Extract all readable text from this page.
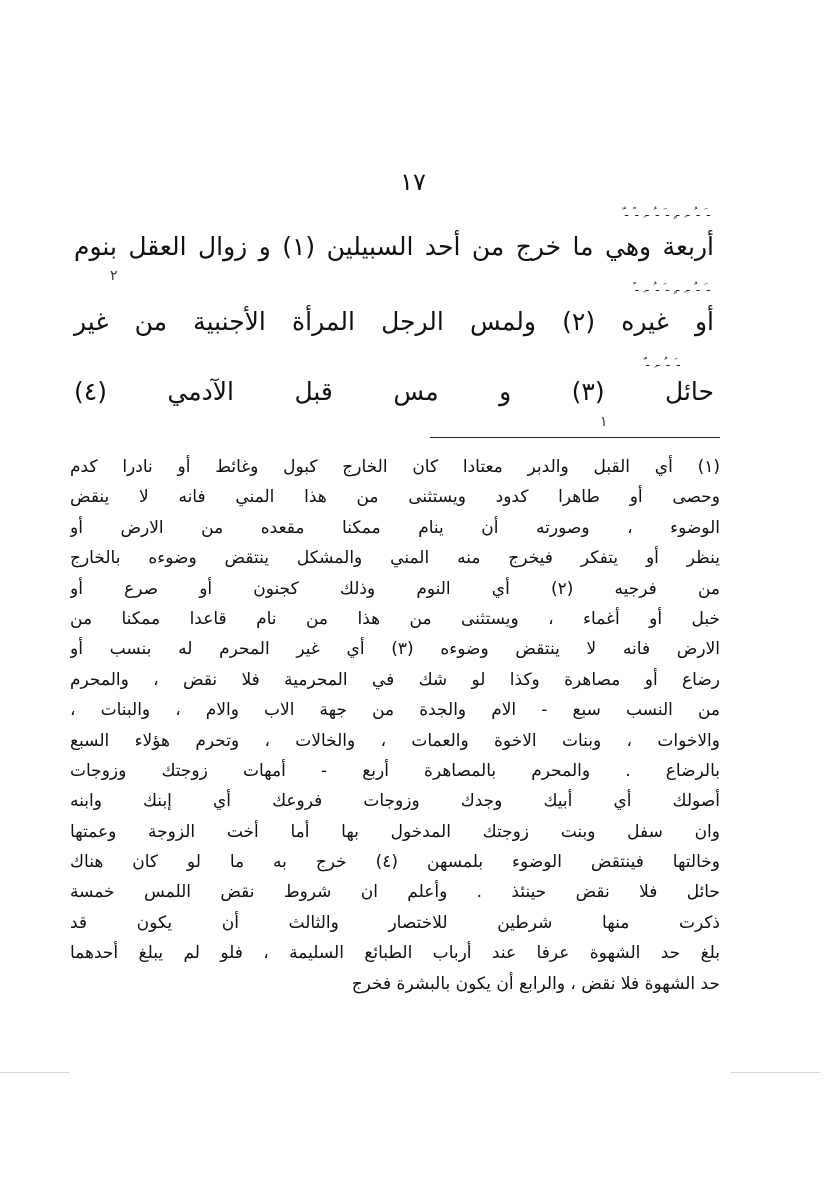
١٧
ـ َ ـ ُ ـ ِ ـ ٍ ـ َ ـ ُ ـ ِ ـ ً ـ ّ
ـ َ ـ ُ ـ ِ ـ ٍ ـ َ ـ ُ ـ ِ ـ ً
ـ َ ـ ُ ـ ِ ـ ّ
أربعة وهي ما خرج من أحد السبيلين (١) و زوال العقل بنوم
أو غيره (٢) ولمس الرجل المرأة الأجنبية من غير
حائل (٣) و مس قبل الآدمي (٤)
٢
١
(١) أي القبل والدبر معتادا كان الخارج كبول وغائط أو نادرا كدم
وحصى أو طاهرا كدود ويستثنى من هذا المني فانه لا ينقض
الوضوء ، وصورته أن ينام ممكنا مقعده من الارض أو
ينظر أو يتفكر فيخرج منه المني والمشكل ينتقض وضوءه بالخارج
من فرجيه (٢) أي النوم وذلك كجنون أو صرع أو
خبل أو أغماء ، ويستثنى من هذا من نام قاعدا ممكنا من
الارض فانه لا ينتقض وضوءه (٣) أي غير المحرم له بنسب أو
رضاع أو مصاهرة وكذا لو شك في المحرمية فلا نقض ، والمحرم
من النسب سبع - الام والجدة من جهة الاب والام ، والبنات ،
والاخوات ، وبنات الاخوة والعمات ، والخالات ، وتحرم هؤلاء السبع
بالرضاع . والمحرم بالمصاهرة أربع - أمهات زوجتك وزوجات
أصولك أي أبيك وجدك وزوجات فروعك أي إبنك وابنه
وان سفل وبنت زوجتك المدخول بها أما أخت الزوجة وعمتها
وخالتها فينتقض الوضوء بلمسهن (٤) خرج به ما لو كان هناك
حائل فلا نقض حينئذ . وأعلم ان شروط نقض اللمس خمسة
ذكرت منها شرطين للاختصار والثالث أن يكون قد
بلغ حد الشهوة عرفا عند أرباب الطبائع السليمة ، فلو لم يبلغ أحدهما
حد الشهوة فلا نقض ، والرابع أن يكون بالبشرة فخرج
